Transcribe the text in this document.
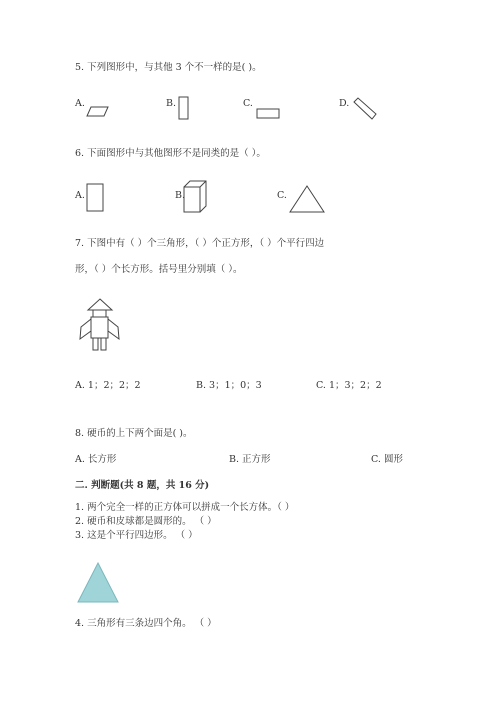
5. 下列图形中，与其他 3 个不一样的是( )。
A.	B.	C.	D.
6. 下面图形中与其他图形不是同类的是（ ）。
A.	B.	C.
7. 下图中有（ ）个三角形，（ ）个正方形，（ ）个平行四边
形，（ ）个长方形。括号里分别填（ ）。
A. 1；2；2；2	B. 3；1；0；3	C. 1；3；2；2
8. 硬币的上下两个面是( )。
A. 长方形	B. 正方形	C. 圆形
二. 判断题(共 8 题，共 16 分)
1. 两个完全一样的正方体可以拼成一个长方体。（ ）
2. 硬币和皮球都是圆形的。 （ ）
3. 这是个平行四边形。 （ ）
4. 三角形有三条边四个角。 （ ）
